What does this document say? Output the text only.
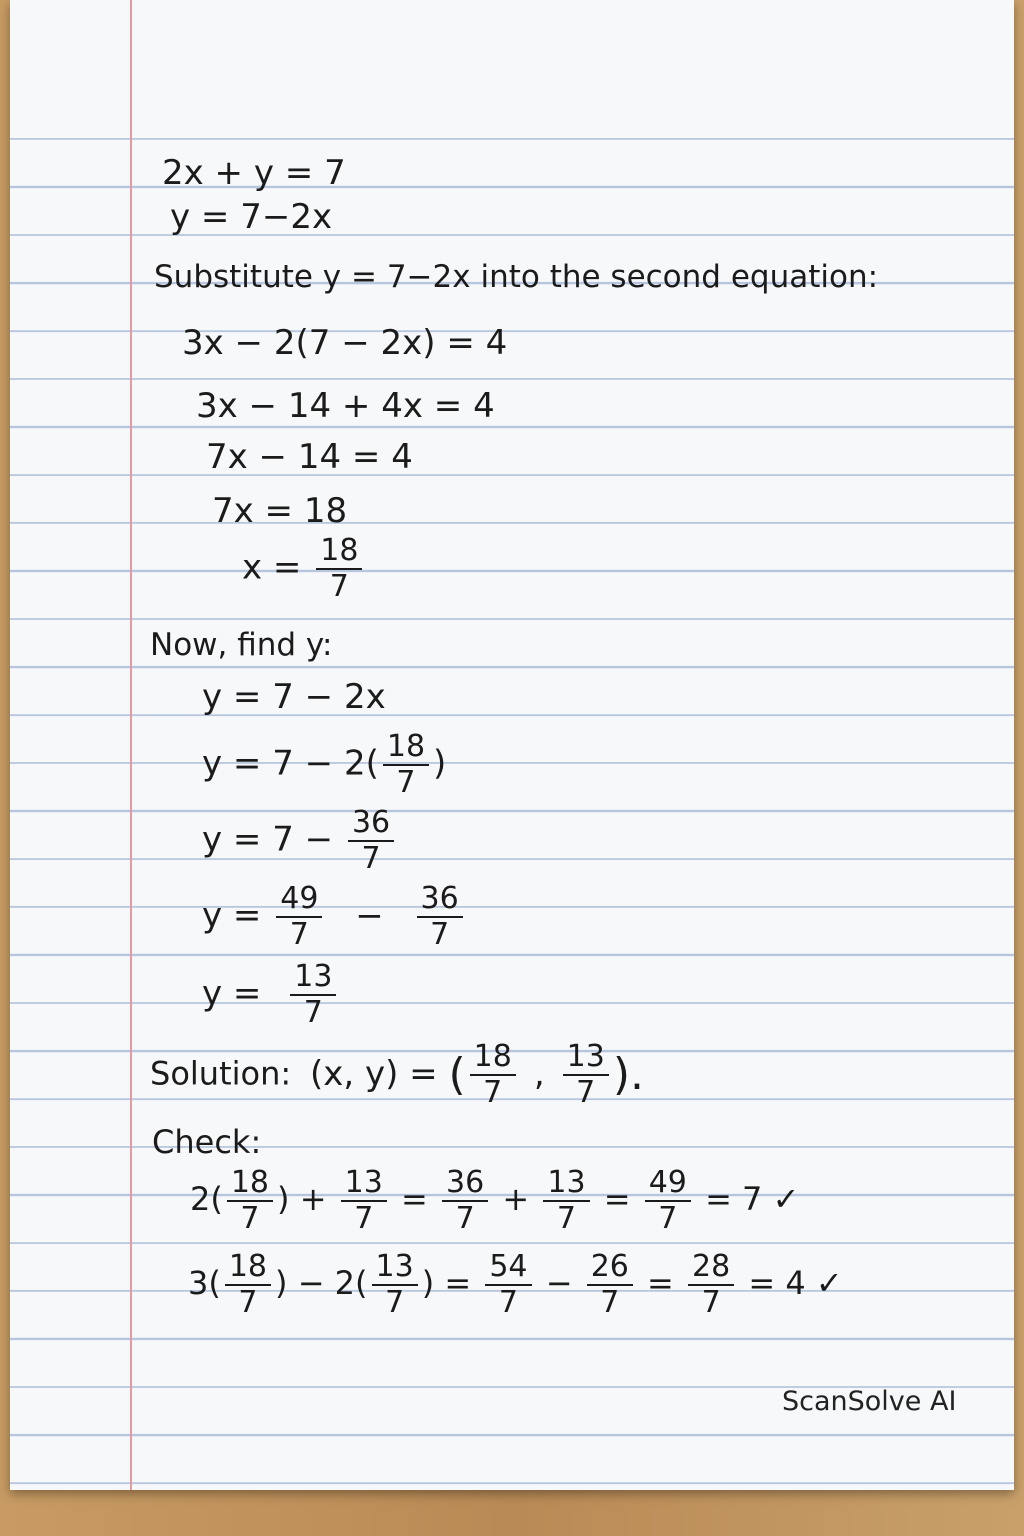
2x + y = 7
y = 7−2x
Substitute y = 7−2x into the second equation:
3x − 2(7 − 2x) = 4
3x − 14 + 4x = 4
7x − 14 = 4
7x = 18
$x = \frac{18}{7}$
Now, find y:
y = 7 − 2x
$y = 7 - 2( \frac{18}{7}$ )
$y = 7 - \frac{36}{7}$
$y = \frac{49}{7} - \frac{36}{7}$
$y = \frac{13}{7}$
Solution: (x, y) = ( $\frac{18}{7}$ , $\frac{13}{7}$ ).
Check:
$2( \frac{18}{7}$ ) + $\frac{13}{7} = \frac{36}{7} + \frac{13}{7} = \frac{49}{7} = 7$ ✓
$3( \frac{18}{7}$ ) − $2( \frac{13}{7}$ ) = $\frac{54}{7} - \frac{26}{7} = \frac{28}{7} = 4$ ✓
ScanSolve AI
